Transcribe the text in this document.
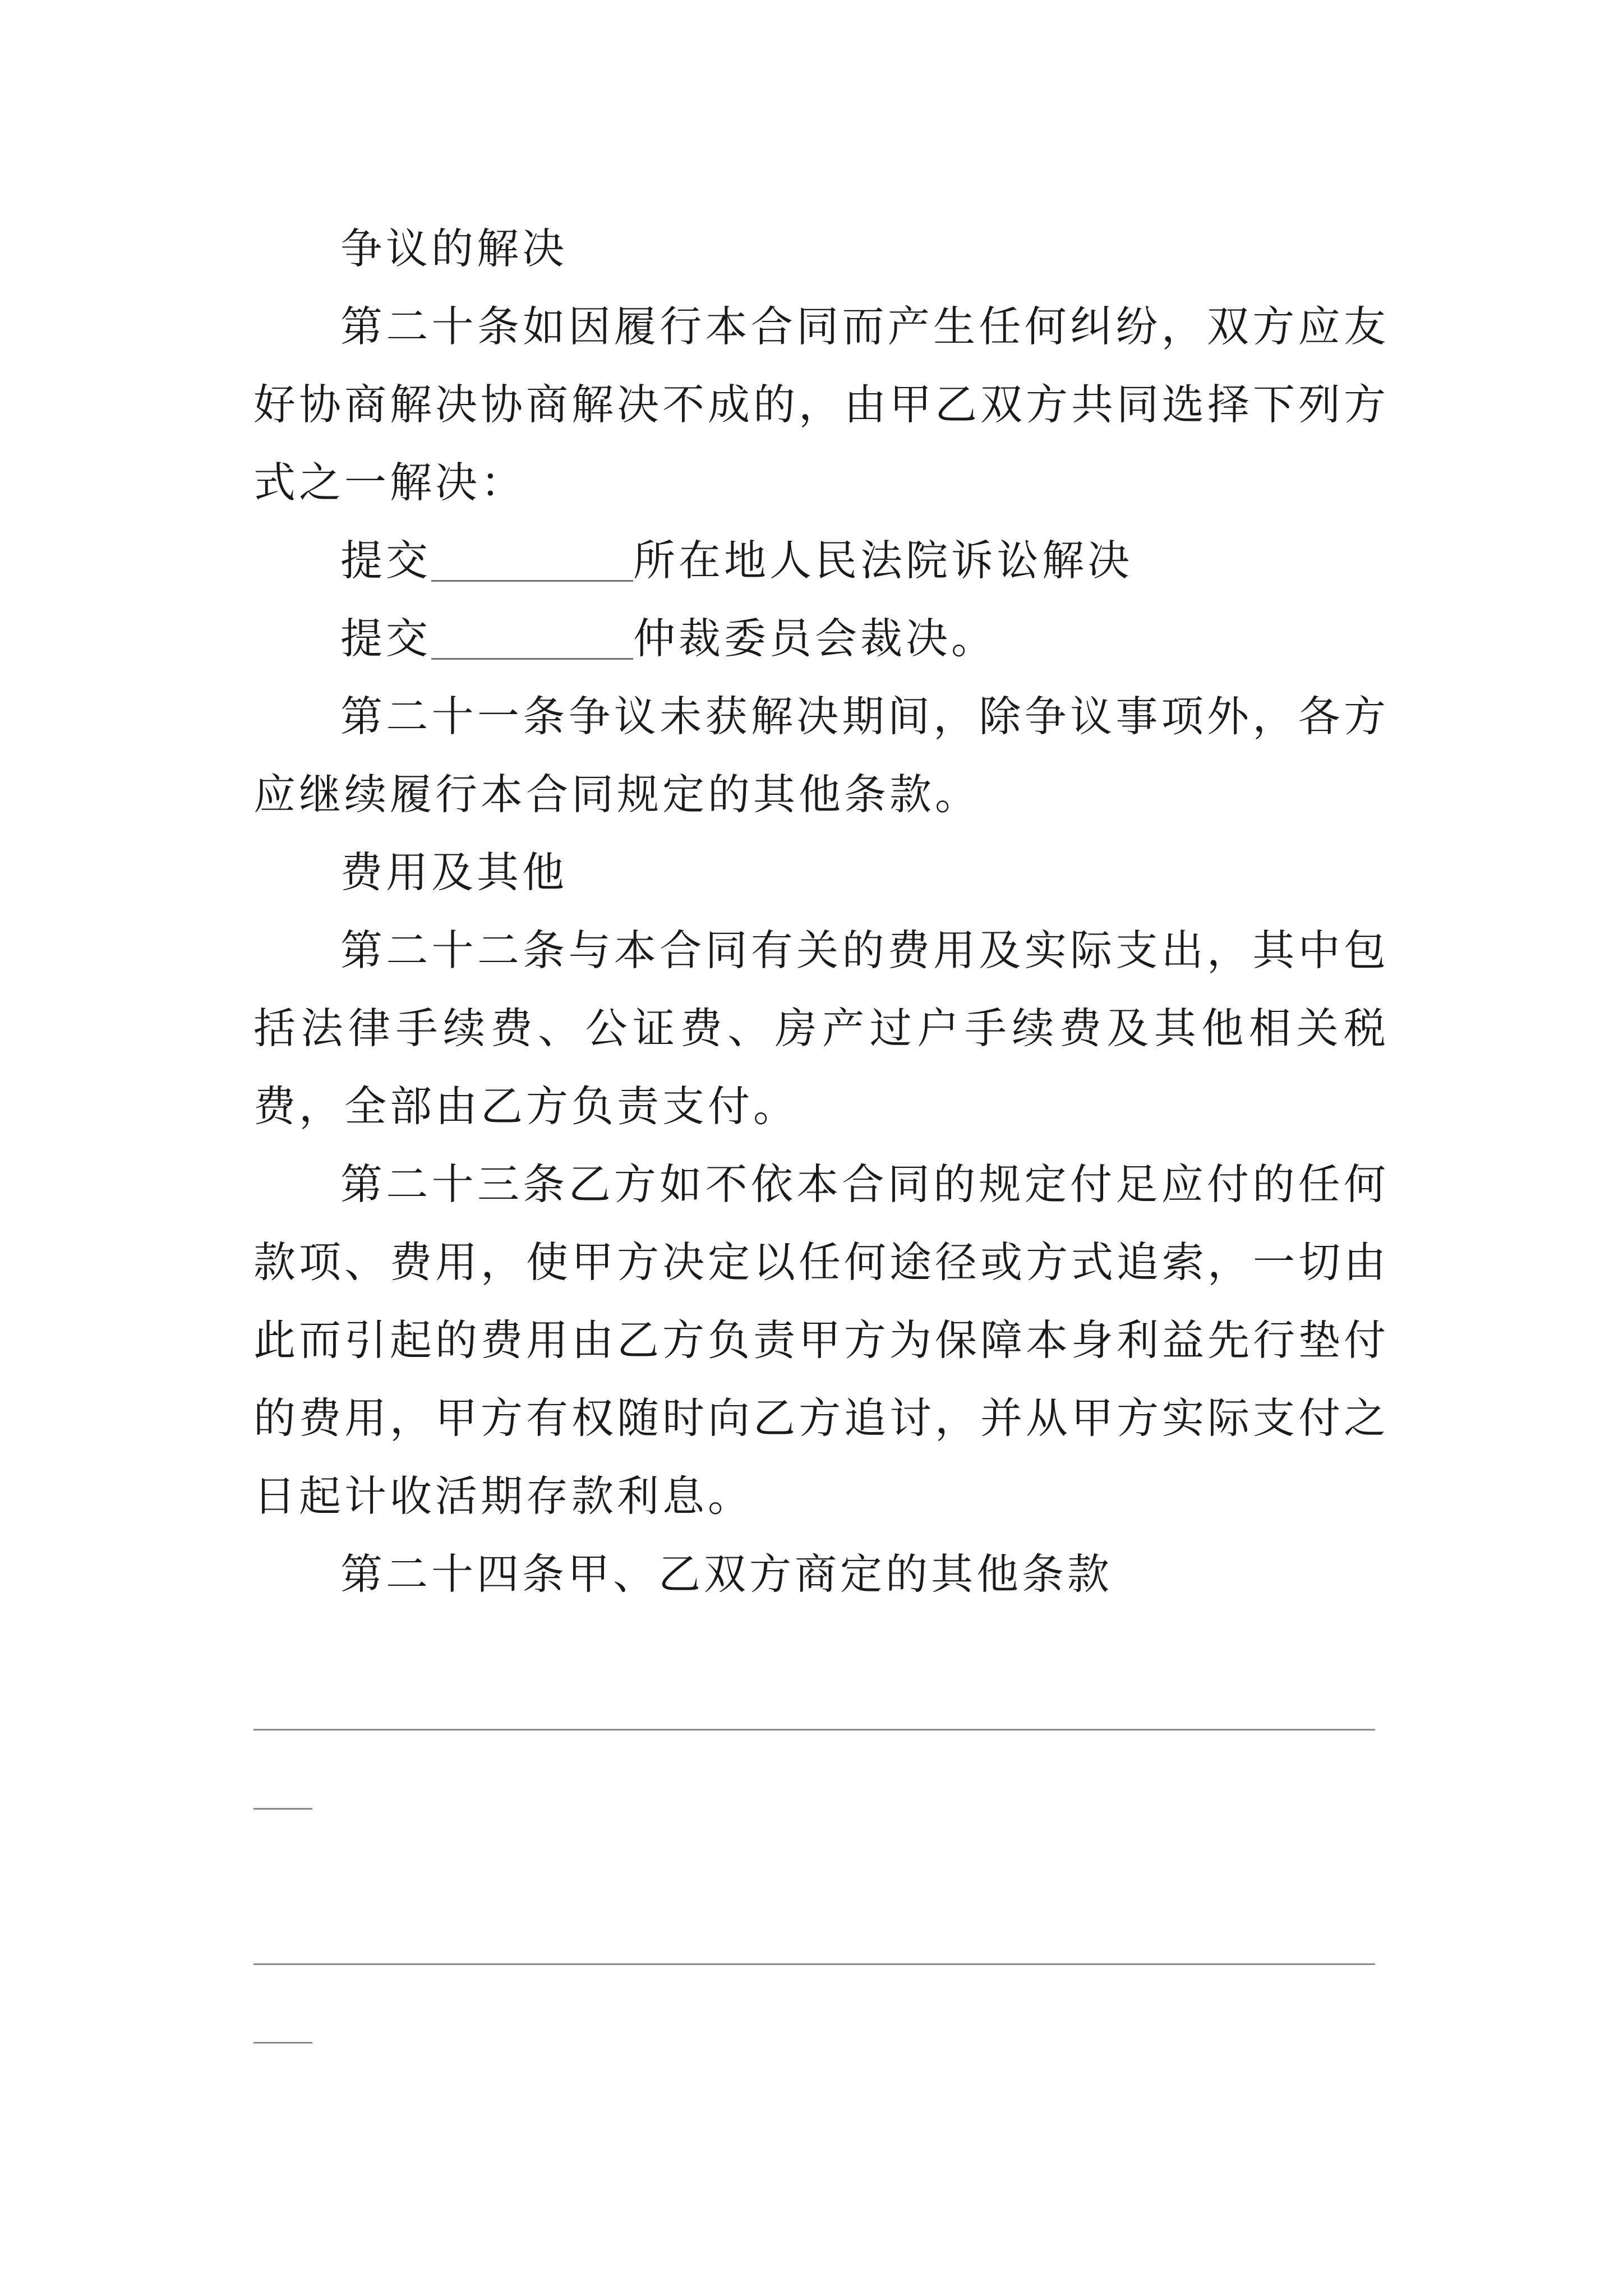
争议的解决

第二十条如因履行本合同而产生任何纠纷，双方应友好协商解决协商解决不成的，由甲乙双方共同选择下列方式之一解决：

提交	所在地人民法院诉讼解决

提交	仲裁委员会裁决。

第二十一条争议未获解决期间，除争议事项外，各方应继续履行本合同规定的其他条款。

费用及其他

第二十二条与本合同有关的费用及实际支出，其中包括法律手续费、公证费、房产过户手续费及其他相关税费，全部由乙方负责支付。

第二十三条乙方如不依本合同的规定付足应付的任何款项、费用，使甲方决定以任何途径或方式追索，一切由此而引起的费用由乙方负责甲方为保障本身利益先行垫付的费用，甲方有权随时向乙方追讨，并从甲方实际支付之日起计收活期存款利息。

第二十四条甲、乙双方商定的其他条款
